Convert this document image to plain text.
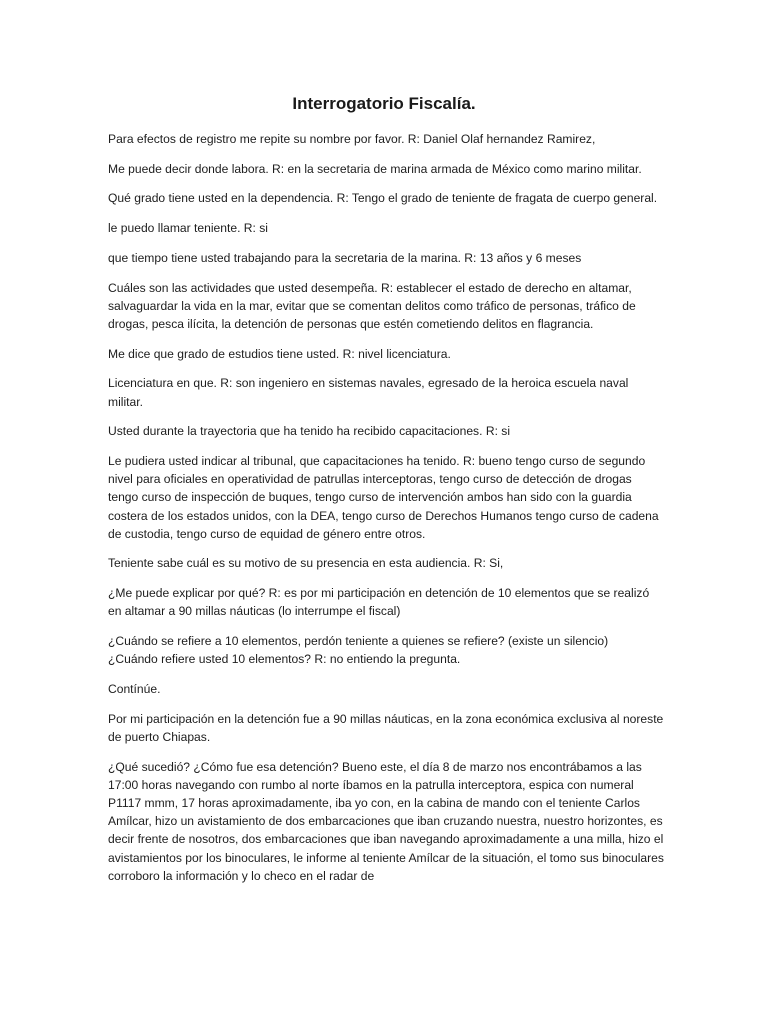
Interrogatorio Fiscalía.

Para efectos de registro me repite su nombre por favor. R: Daniel Olaf hernandez Ramirez,

Me puede decir donde labora. R: en la secretaria de marina armada de México como marino militar.

Qué grado tiene usted en la dependencia. R: Tengo el grado de teniente de fragata de cuerpo general.

le puedo llamar teniente. R: si

que tiempo tiene usted trabajando para la secretaria de la marina. R: 13 años y 6 meses

Cuáles son las actividades que usted desempeña. R: establecer el estado de derecho en altamar, salvaguardar la vida en la mar, evitar que se comentan delitos como tráfico de personas, tráfico de drogas, pesca ilícita, la detención de personas que estén cometiendo delitos en flagrancia.

Me dice que grado de estudios tiene usted. R: nivel licenciatura.

Licenciatura en que. R: son ingeniero en sistemas navales, egresado de la heroica escuela naval militar.

Usted durante la trayectoria que ha tenido ha recibido capacitaciones. R: si

Le pudiera usted indicar al tribunal, que capacitaciones ha tenido. R: bueno tengo curso de segundo nivel para oficiales en operatividad de patrullas interceptoras, tengo curso de detección de drogas tengo curso de inspección de buques, tengo curso de intervención ambos han sido con la guardia costera de los estados unidos, con la DEA, tengo curso de Derechos Humanos tengo curso de cadena de custodia, tengo curso de equidad de género entre otros.

Teniente sabe cuál es su motivo de su presencia en esta audiencia. R: Si,

¿Me puede explicar por qué? R: es por mi participación en detención de 10 elementos que se realizó en altamar a 90 millas náuticas (lo interrumpe el fiscal)

¿Cuándo se refiere a 10 elementos, perdón teniente a quienes se refiere? (existe un silencio)
¿Cuándo refiere usted 10 elementos? R: no entiendo la pregunta.

Contínúe.

Por mi participación en la detención fue a 90 millas náuticas, en la zona económica exclusiva al noreste de puerto Chiapas.

¿Qué sucedió? ¿Cómo fue esa detención? Bueno este, el día 8 de marzo nos encontrábamos a las 17:00 horas navegando con rumbo al norte íbamos en la patrulla interceptora, espica con numeral P1117 mmm, 17 horas aproximadamente, iba yo con, en la cabina de mando con el teniente Carlos Amílcar, hizo un avistamiento de dos embarcaciones que iban cruzando nuestra, nuestro horizontes, es decir frente de nosotros, dos embarcaciones que iban navegando aproximadamente a una milla, hizo el avistamientos por los binoculares, le informe al teniente Amílcar de la situación, el tomo sus binoculares corroboro la información y lo checo en el radar de
